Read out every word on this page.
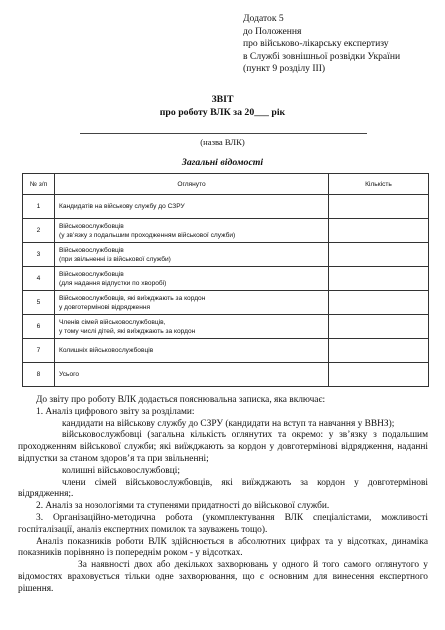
Додаток 5
до Положення
про військово-лікарську експертизу
в Службі зовнішньої розвідки України
(пункт 9 розділу III)
ЗВІТ
про роботу ВЛК за 20___ рік
(назва ВЛК)
Загальні відомості
№ з/п	Оглянуто	Кількість
1	Кандидатів на військову службу до СЗРУ	

2	Військовослужбовців
(у зв’язку з подальшим проходженням військової служби)	

3	Військовослужбовців
(при звільненні із військової служби)	

4	Військовослужбовців
(для надання відпустки по хворобі)	

5	Військовослужбовців, які виїжджають за кордон
у довготермінові відрядження	

6	Членів сімей військовослужбовців,
у тому числі дітей, які виїжджають за кордон	

7	Колишніх військовослужбовців	

8	Усього	

До звіту про роботу ВЛК додається пояснювальна записка, яка включає:

1. Аналіз цифрового звіту за розділами:

кандидати на військову службу до СЗРУ (кандидати на вступ та навчання у ВВНЗ);

військовослужбовці (загальна кількість оглянутих та окремо: у зв’язку з подальшим проходженням військової служби; які виїжджають за кордон у довготермінові відрядження, наданні відпустки за станом здоров’я та при звільненні;

колишні військовослужбовці;

члени сімей військовослужбовців, які виїжджають за кордон у довготермінові відрядження;.

2. Аналіз за нозологіями та ступенями придатності до військової служби.

3. Організаційно-методична робота (укомплектування ВЛК спеціалістами, можливості госпіталізації, аналіз експертних помилок та зауважень тощо).

Аналіз показників роботи ВЛК здійснюється в абсолютних цифрах та у відсотках, динаміка показників порівняно із попереднім роком - у відсотках.

За наявності двох або декількох захворювань у одного й того самого оглянутого у відомостях враховується тільки одне захворювання, що є основним для винесення експертного рішення.
